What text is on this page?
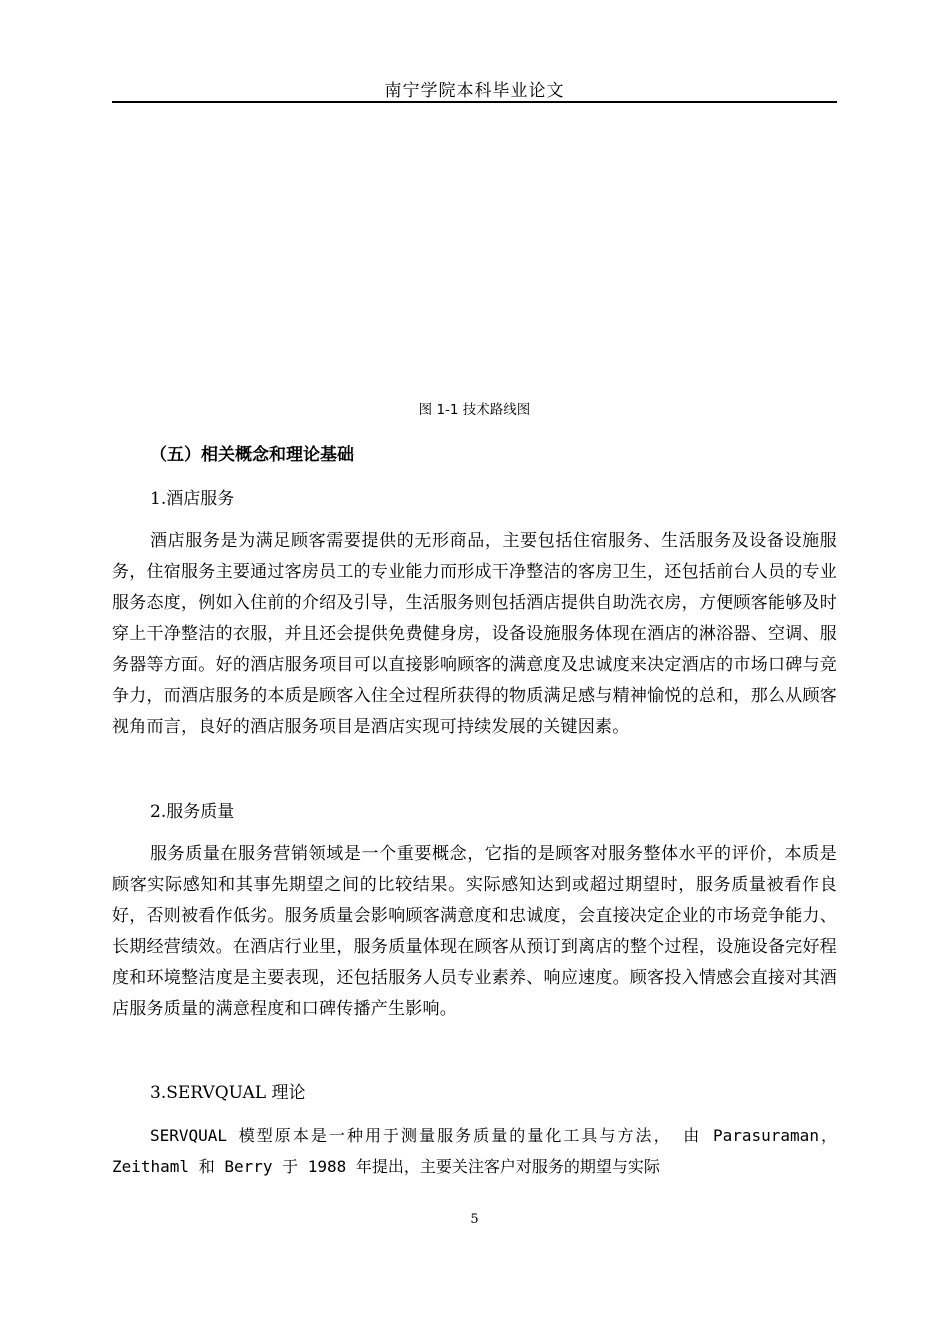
南宁学院本科毕业论文
图 1-1 技术路线图
（五）相关概念和理论基础
1.酒店服务
酒店服务是为满足顾客需要提供的无形商品，主要包括住宿服务、生活服务及设备设施服务，住宿服务主要通过客房员工的专业能力而形成干净整洁的客房卫生，还包括前台人员的专业服务态度，例如入住前的介绍及引导，生活服务则包括酒店提供自助洗衣房，方便顾客能够及时穿上干净整洁的衣服，并且还会提供免费健身房，设备设施服务体现在酒店的淋浴器、空调、服务器等方面。好的酒店服务项目可以直接影响顾客的满意度及忠诚度来决定酒店的市场口碑与竞争力，而酒店服务的本质是顾客入住全过程所获得的物质满足感与精神愉悦的总和，那么从顾客视角而言，良好的酒店服务项目是酒店实现可持续发展的关键因素。
2.服务质量
服务质量在服务营销领域是一个重要概念，它指的是顾客对服务整体水平的评价，本质是顾客实际感知和其事先期望之间的比较结果。实际感知达到或超过期望时，服务质量被看作良好，否则被看作低劣。服务质量会影响顾客满意度和忠诚度，会直接决定企业的市场竞争能力、长期经营绩效。在酒店行业里，服务质量体现在顾客从预订到离店的整个过程，设施设备完好程度和环境整洁度是主要表现，还包括服务人员专业素养、响应速度。顾客投入情感会直接对其酒店服务质量的满意程度和口碑传播产生影响。
3.SERVQUAL 理论
SERVQUAL 模型原本是一种用于测量服务质量的量化工具与方法， 由 Parasuraman，Zeithaml 和 Berry 于 1988 年提出，主要关注客户对服务的期望与实际
5
